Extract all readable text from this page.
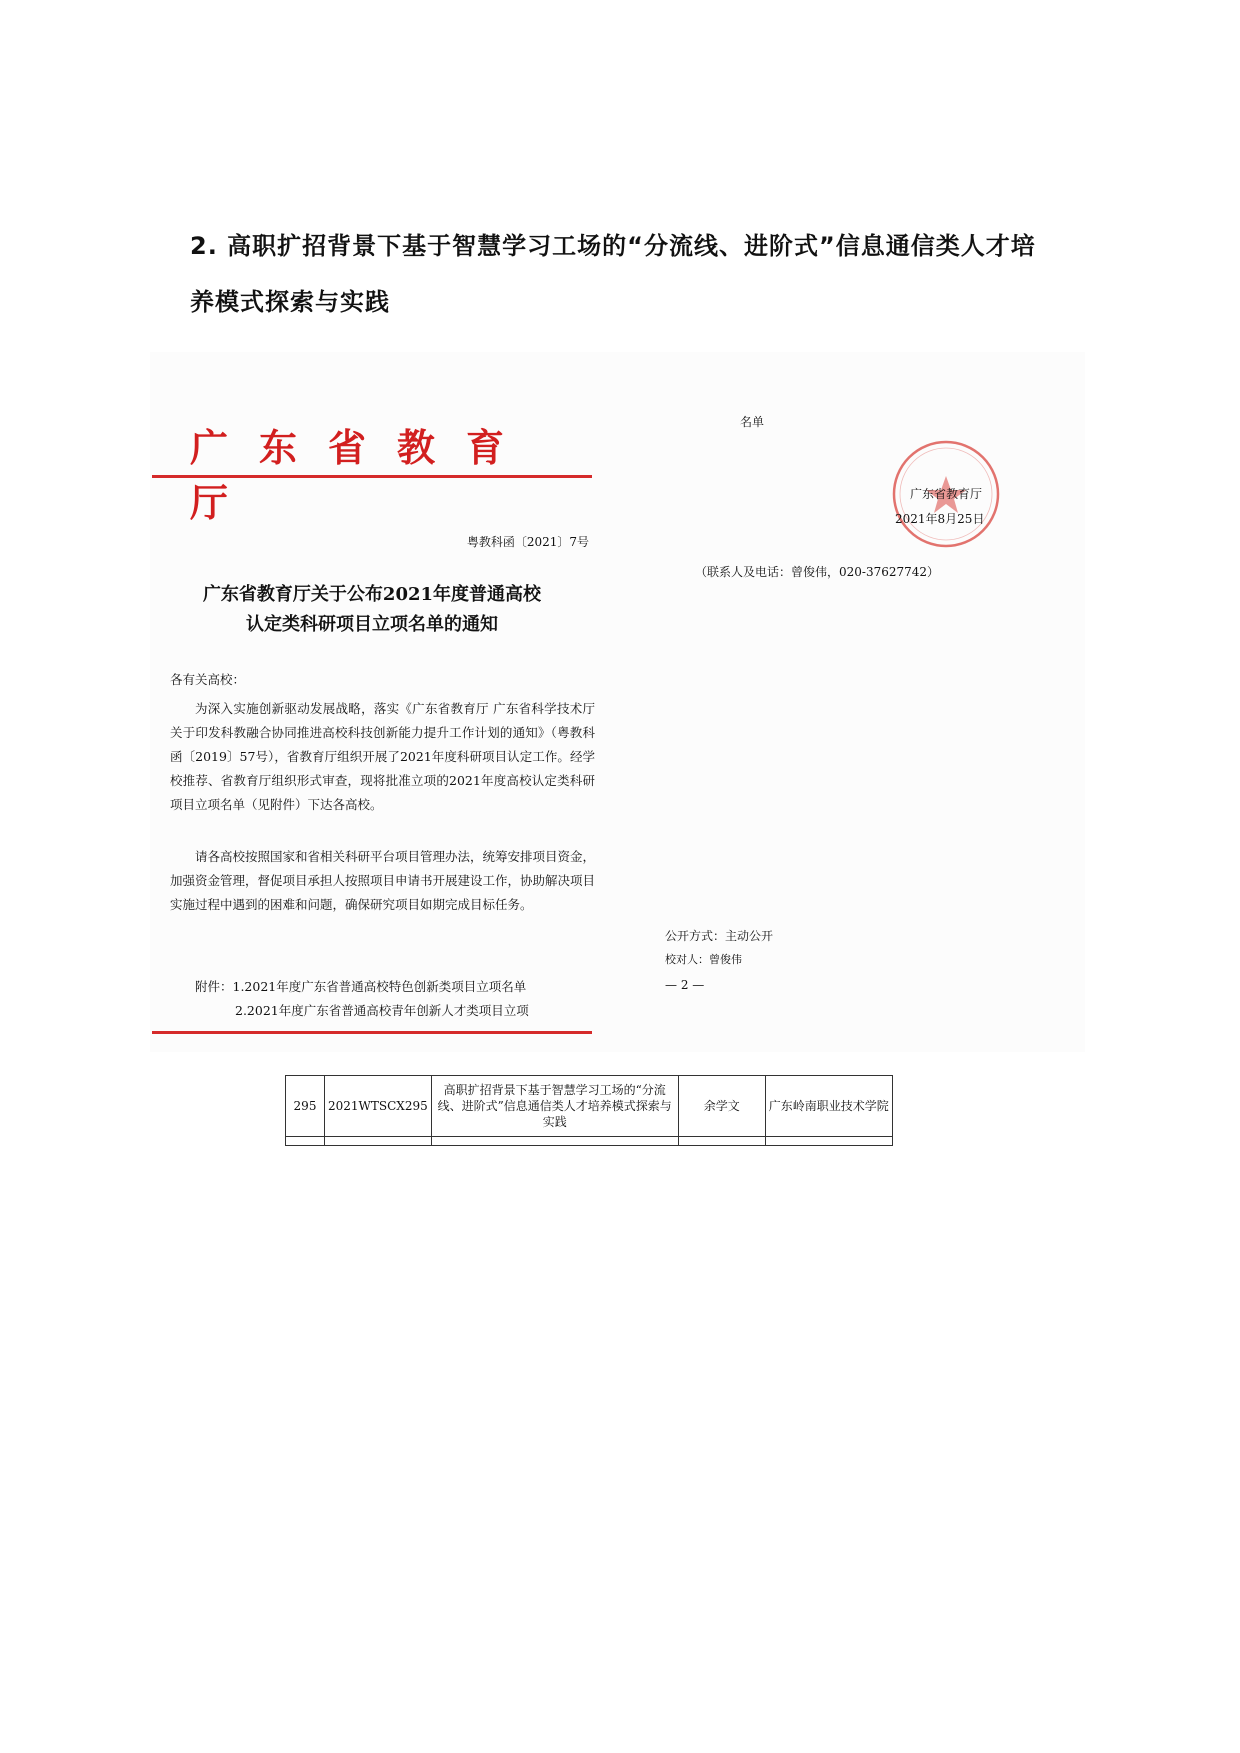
2. 高职扩招背景下基于智慧学习工场的“分流线、进阶式”信息通信类人才培
养模式探索与实践
广东省教育厅
粤教科函〔2021〕7号
广东省教育厅关于公布2021年度普通高校
认定类科研项目立项名单的通知
各有关高校：
为深入实施创新驱动发展战略，落实《广东省教育厅 广东省科学技术厅关于印发科教融合协同推进高校科技创新能力提升工作计划的通知》（粤教科函〔2019〕57号），省教育厅组织开展了2021年度科研项目认定工作。经学校推荐、省教育厅组织形式审查，现将批准立项的2021年度高校认定类科研项目立项名单（见附件）下达各高校。
请各高校按照国家和省相关科研平台项目管理办法，统筹安排项目资金，加强资金管理，督促项目承担人按照项目申请书开展建设工作，协助解决项目实施过程中遇到的困难和问题，确保研究项目如期完成目标任务。
附件：1.2021年度广东省普通高校特色创新类项目立项名单
2.2021年度广东省普通高校青年创新人才类项目立项
名单
广东省教育厅
2021年8月25日
（联系人及电话：曾俊伟，020-37627742）
公开方式：主动公开
校对人：曾俊伟
— 2 —
295	2021WTSCX295	高职扩招背景下基于智慧学习工场的“分流线、进阶式”信息通信类人才培养模式探索与实践	余学文	广东岭南职业技术学院
